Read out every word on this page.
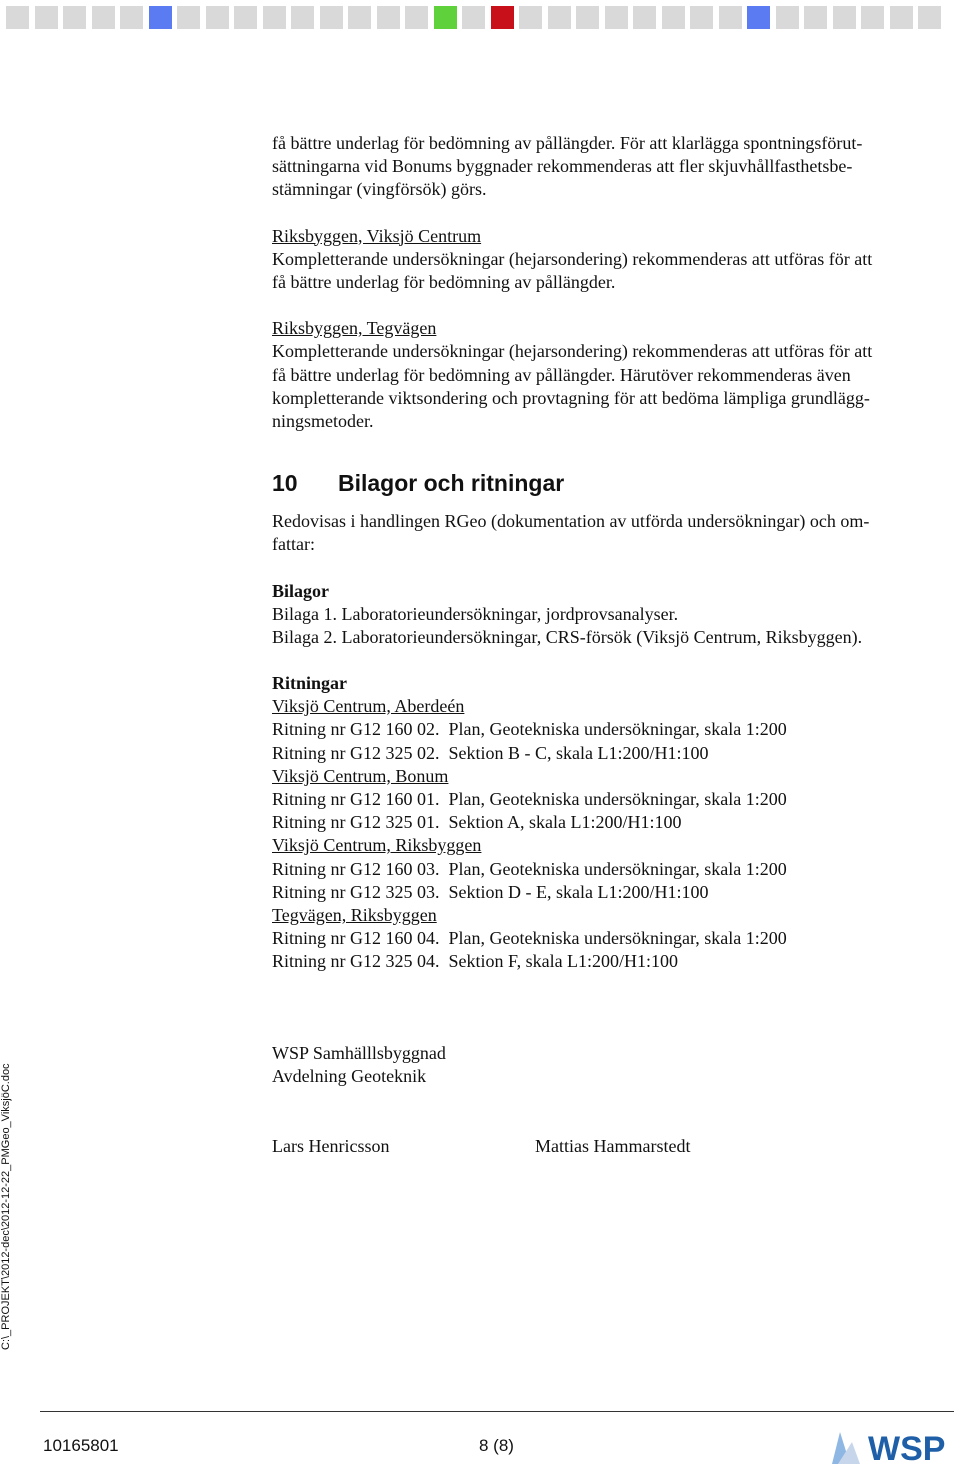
få bättre underlag för bedömning av pållängder. För att klarlägga spontningsförut-

sättningarna vid Bonums byggnader rekommenderas att fler skjuvhållfasthetsbe-

stämningar (vingförsök) görs.

Riksbyggen, Viksjö Centrum

Kompletterande undersökningar (hejarsondering) rekommenderas att utföras för att

få bättre underlag för bedömning av pållängder.

Riksbyggen, Tegvägen

Kompletterande undersökningar (hejarsondering) rekommenderas att utföras för att

få bättre underlag för bedömning av pållängder. Härutöver rekommenderas även

kompletterande viktsondering och provtagning för att bedöma lämpliga grundlägg-

ningsmetoder.

10 Bilagor och ritningar

Redovisas i handlingen RGeo (dokumentation av utförda undersökningar) och om-

fattar:

Bilagor

Bilaga 1. Laboratorieundersökningar, jordprovsanalyser.

Bilaga 2. Laboratorieundersökningar, CRS-försök (Viksjö Centrum, Riksbyggen).

Ritningar

Viksjö Centrum, Aberdeén

Ritning nr G12 160 02.  Plan, Geotekniska undersökningar, skala 1:200

Ritning nr G12 325 02.  Sektion B - C, skala L1:200/H1:100

Viksjö Centrum, Bonum

Ritning nr G12 160 01.  Plan, Geotekniska undersökningar, skala 1:200

Ritning nr G12 325 01.  Sektion A, skala L1:200/H1:100

Viksjö Centrum, Riksbyggen

Ritning nr G12 160 03.  Plan, Geotekniska undersökningar, skala 1:200

Ritning nr G12 325 03.  Sektion D - E, skala L1:200/H1:100

Tegvägen, Riksbyggen

Ritning nr G12 160 04.  Plan, Geotekniska undersökningar, skala 1:200

Ritning nr G12 325 04.  Sektion F, skala L1:200/H1:100

WSP Samhälllsbyggnad

Avdelning Geoteknik

Lars Henricsson	Mattias Hammarstedt
C:\_PROJEKT\2012-dec\2012-12-22_PMGeo_ViksjöC.doc
10165801	8 (8)	WSP
